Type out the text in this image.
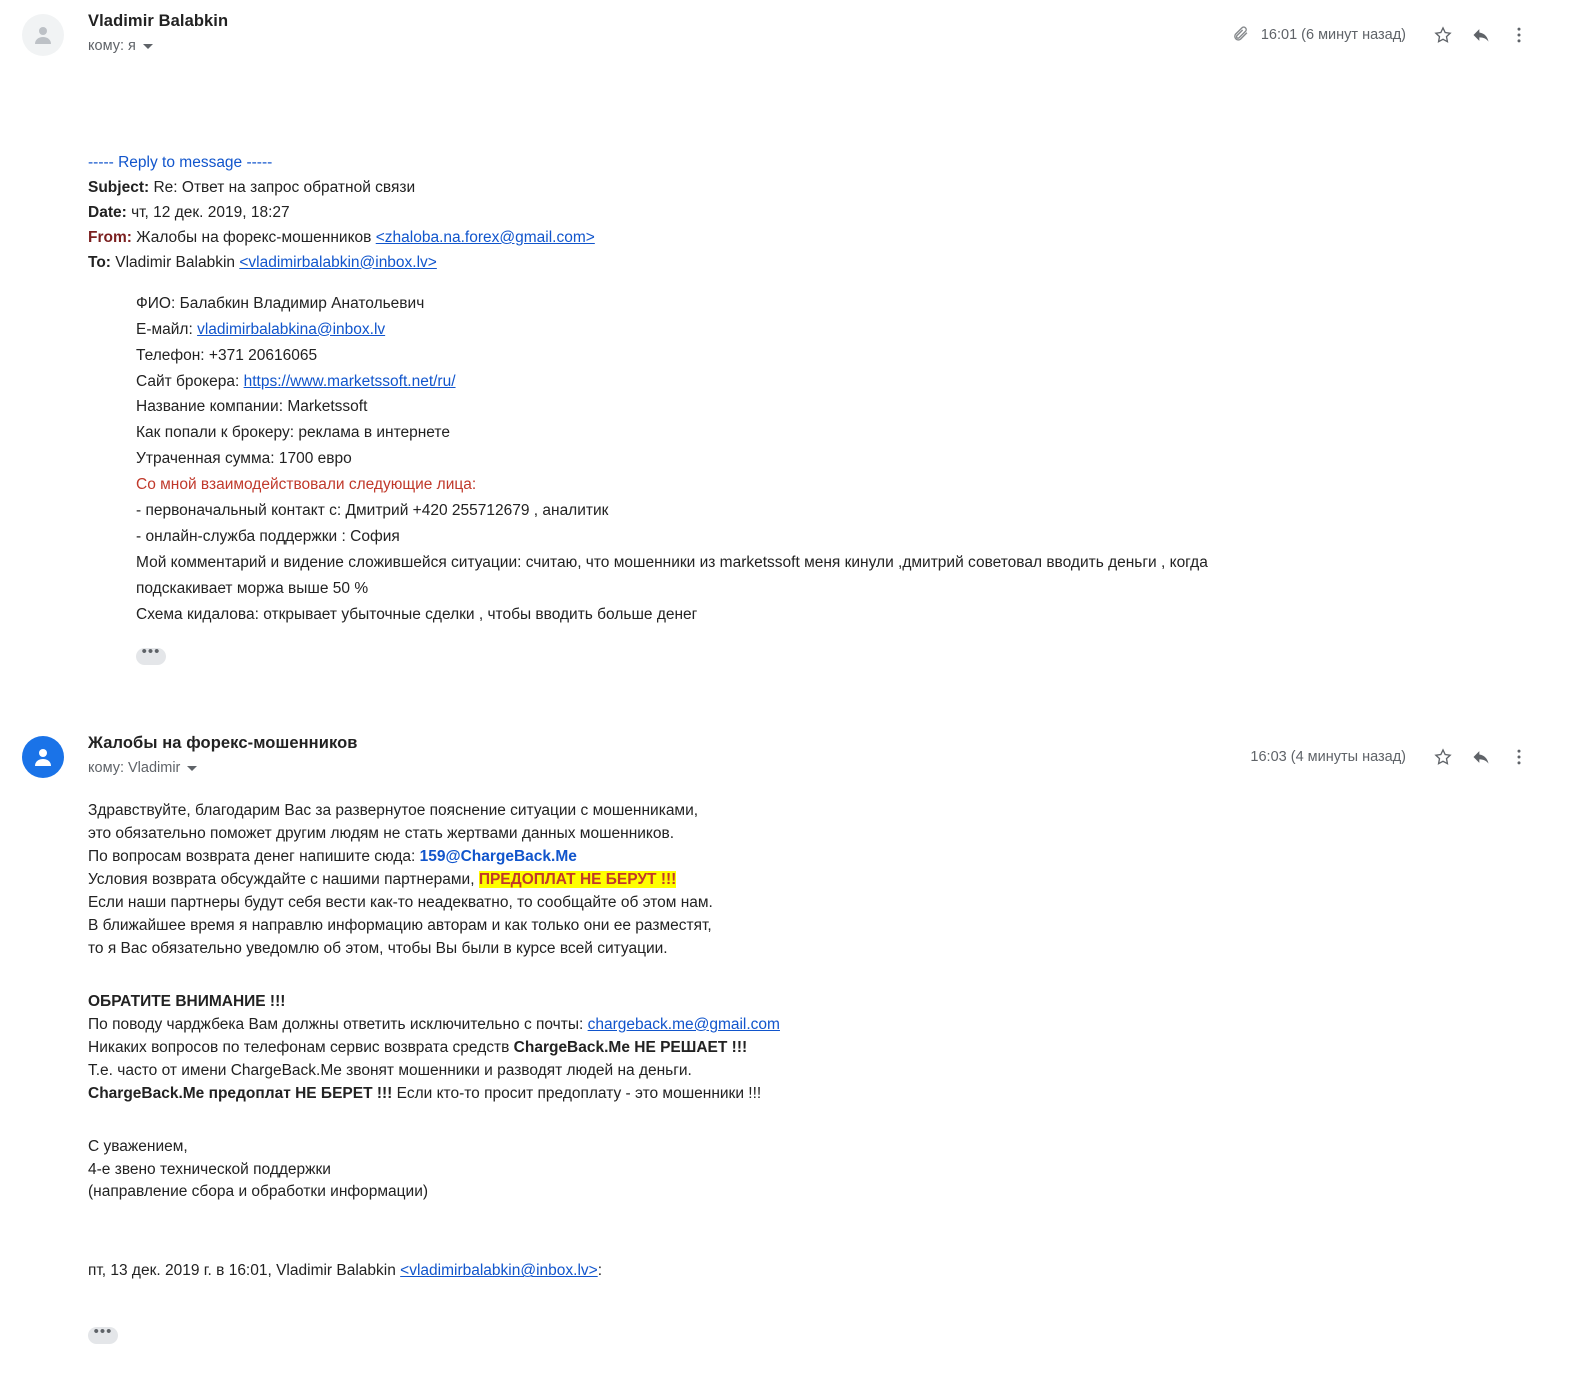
Vladimir Balabkin
кому: я
16:01 (6 минут назад)
----- Reply to message -----
Subject: Re: Ответ на запрос обратной связи
Date: чт, 12 дек. 2019, 18:27
From: Жалобы на форекс-мошенников <zhaloba.na.forex@gmail.com>
To: Vladimir Balabkin <vladimirbalabkin@inbox.lv>
ФИО: Балабкин Владимир Анатольевич
E-майл: vladimirbalabkina@inbox.lv
Телефон: +371 20616065
Сайт брокера: https://www.marketssoft.net/ru/
Название компании: Marketssoft
Как попали к брокеру: реклама в интернете
Утраченная сумма: 1700 евро
Со мной взаимодействовали следующие лица:
- первоначальный контакт с: Дмитрий +420 255712679 , аналитик
- онлайн-служба поддержки : София
Мой комментарий и видение сложившейся ситуации: считаю, что мошенники из marketssoft меня кинули ,дмитрий советовал вводить деньги , когда
подскакивает моржа выше 50 %
Схема кидалова: открывает убыточные сделки , чтобы вводить больше денег
•••
Жалобы на форекс-мошенников
кому: Vladimir
16:03 (4 минуты назад)
Здравствуйте, благодарим Вас за развернутое пояснение ситуации с мошенниками,
это обязательно поможет другим людям не стать жертвами данных мошенников.
По вопросам возврата денег напишите сюда: 159@ChargeBack.Me
Условия возврата обсуждайте с нашими партнерами, ПРЕДОПЛАТ НЕ БЕРУТ !!!
Если наши партнеры будут себя вести как-то неадекватно, то сообщайте об этом нам.
В ближайшее время я направлю информацию авторам и как только они ее разместят,
то я Вас обязательно уведомлю об этом, чтобы Вы были в курсе всей ситуации.
ОБРАТИТЕ ВНИМАНИЕ !!!
По поводу чарджбека Вам должны ответить исключительно с почты: chargeback.me@gmail.com
Никаких вопросов по телефонам сервис возврата средств ChargeBack.Me НЕ РЕШАЕТ !!!
Т.е. часто от имени ChargeBack.Me звонят мошенники и разводят людей на деньги.
ChargeBack.Me предоплат НЕ БЕРЕТ !!! Если кто-то просит предоплату - это мошенники !!!
С уважением,
4-е звено технической поддержки
(направление сбора и обработки информации)
пт, 13 дек. 2019 г. в 16:01, Vladimir Balabkin <vladimirbalabkin@inbox.lv>:
•••
